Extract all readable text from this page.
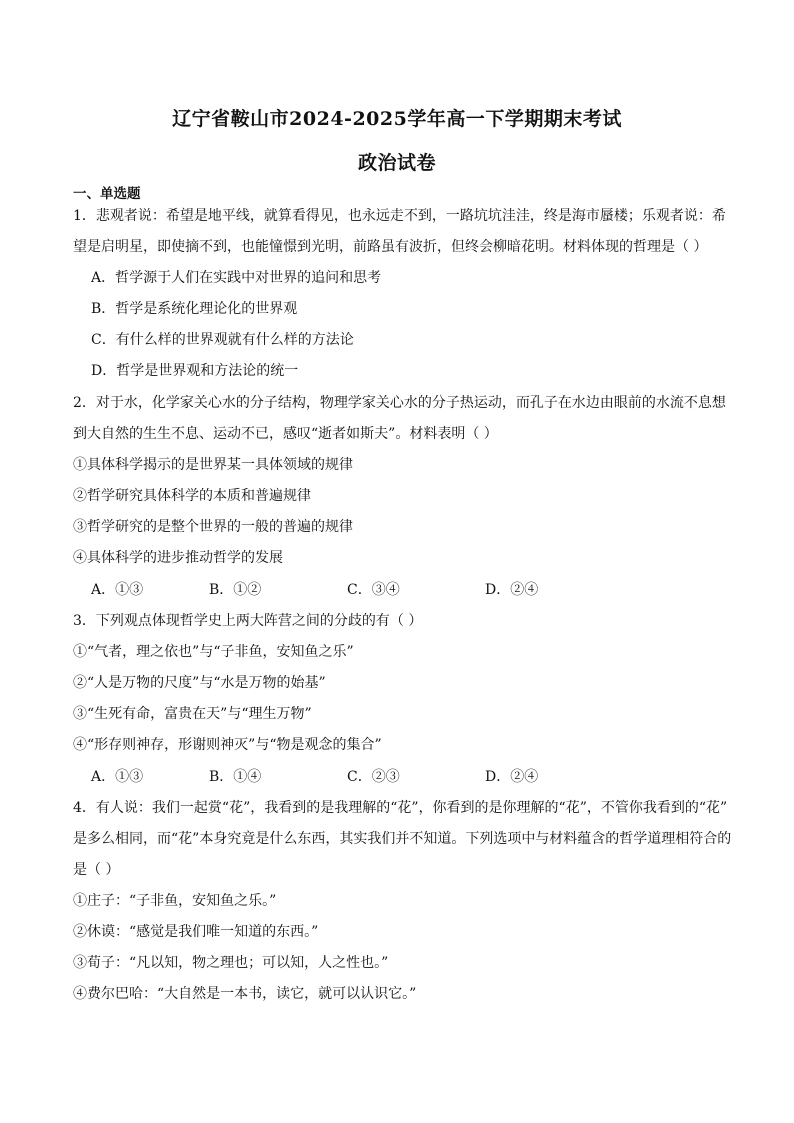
辽宁省鞍山市2024-2025学年高一下学期期末考试
政治试卷
一、单选题
1．悲观者说：希望是地平线，就算看得见，也永远走不到，一路坑坑洼洼，终是海市蜃楼；乐观者说：希
望是启明星，即使摘不到，也能憧憬到光明，前路虽有波折，但终会柳暗花明。材料体现的哲理是（ ）
A．哲学源于人们在实践中对世界的追问和思考
B．哲学是系统化理论化的世界观
C．有什么样的世界观就有什么样的方法论
D．哲学是世界观和方法论的统一
2．对于水，化学家关心水的分子结构，物理学家关心水的分子热运动，而孔子在水边由眼前的水流不息想
到大自然的生生不息、运动不已，感叹“逝者如斯夫”。材料表明（ ）
①具体科学揭示的是世界某一具体领域的规律
②哲学研究具体科学的本质和普遍规律
③哲学研究的是整个世界的一般的普遍的规律
④具体科学的进步推动哲学的发展
A．①③	B．①②	C．③④	D．②④
3．下列观点体现哲学史上两大阵营之间的分歧的有（ ）
①“气者，理之依也”与“子非鱼，安知鱼之乐”
②“人是万物的尺度”与“水是万物的始基”
③“生死有命，富贵在天”与“理生万物”
④“形存则神存，形谢则神灭”与“物是观念的集合”
A．①③	B．①④	C．②③	D．②④
4．有人说：我们一起赏“花”，我看到的是我理解的“花”，你看到的是你理解的“花”，不管你我看到的“花”
是多么相同，而“花”本身究竟是什么东西，其实我们并不知道。下列选项中与材料蕴含的哲学道理相符合的
是（ ）
①庄子：“子非鱼，安知鱼之乐。”
②休谟：“感觉是我们唯一知道的东西。”
③荀子：“凡以知，物之理也；可以知，人之性也。”
④费尔巴哈：“大自然是一本书，读它，就可以认识它。”
